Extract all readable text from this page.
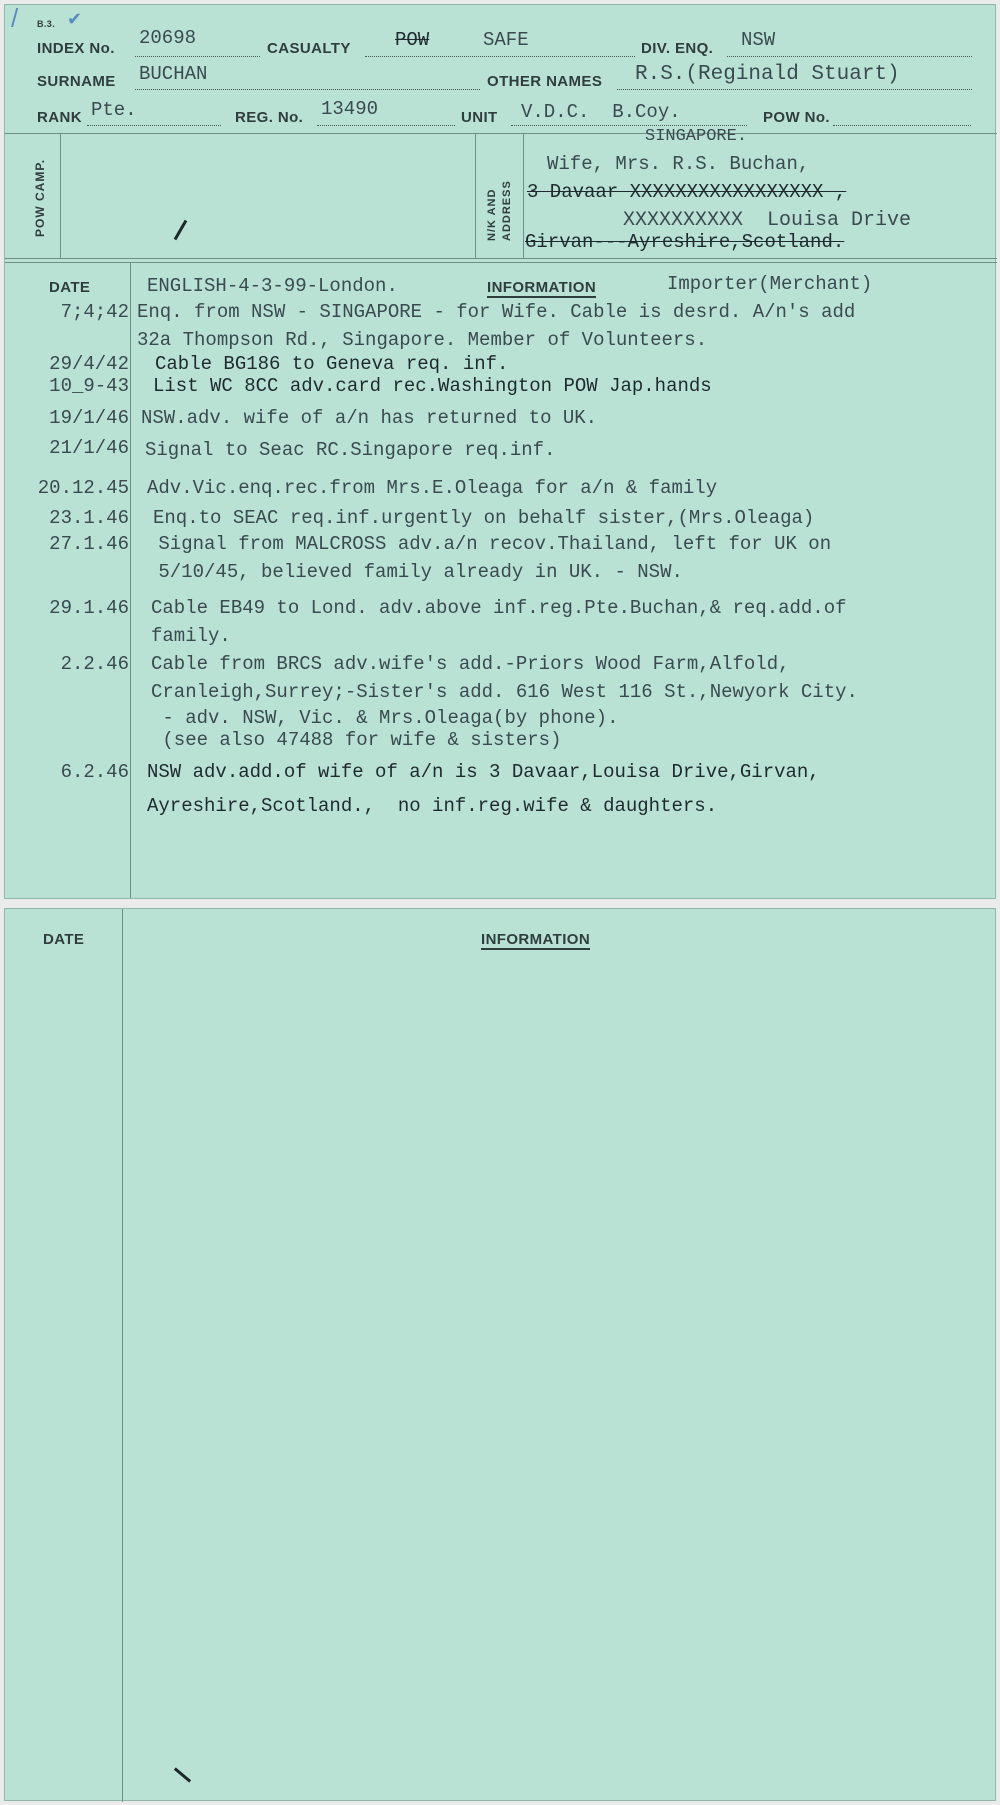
/ B.3. ✔
INDEX No. 20698	CASUALTY POW	SAFE	DIV. ENQ. NSW
SURNAME BUCHAN	OTHER NAMES R.S.(Reginald Stuart)
RANK Pte.	REG. No. 13490	UNIT V.D.C.  B.Coy.	POW No.
POW CAMP.	N/K AND ADDRESS
SINGAPORE.
Wife, Mrs. R.S. Buchan,
3 Davaar XXXXXXXXXXXXXXXXX ,
XXXXXXXXXX  Louisa Drive
Girvan---Ayreshire,Scotland.
DATE	INFORMATION
ENGLISH-4-3-99-London.	Importer(Merchant)
7;4;42 Enq. from NSW - SINGAPORE - for Wife. Cable is desrd. A/n's add
32a Thompson Rd., Singapore. Member of Volunteers.
29/4/42 Cable BG186 to Geneva req. inf.
10_9-43 List WC 8CC adv.card rec.Washington POW Jap.hands
19/1/46 NSW.adv. wife of a/n has returned to UK.
21/1/46 Signal to Seac RC.Singapore req.inf.
20.12.45 Adv.Vic.enq.rec.from Mrs.E.Oleaga for a/n & family
23.1.46 Enq.to SEAC req.inf.urgently on behalf sister,(Mrs.Oleaga)
27.1.46 Signal from MALCROSS adv.a/n recov.Thailand, left for UK on
5/10/45, believed family already in UK. - NSW.
29.1.46 Cable EB49 to Lond. adv.above inf.reg.Pte.Buchan,& req.add.of
family.
2.2.46 Cable from BRCS adv.wife's add.-Priors Wood Farm,Alfold,
Cranleigh,Surrey;-Sister's add. 616 West 116 St.,Newyork City.
- adv. NSW, Vic. & Mrs.Oleaga(by phone).
(see also 47488 for wife & sisters)
6.2.46 NSW adv.add.of wife of a/n is 3 Davaar,Louisa Drive,Girvan,
Ayreshire,Scotland.,  no inf.reg.wife & daughters.
DATE	INFORMATION
